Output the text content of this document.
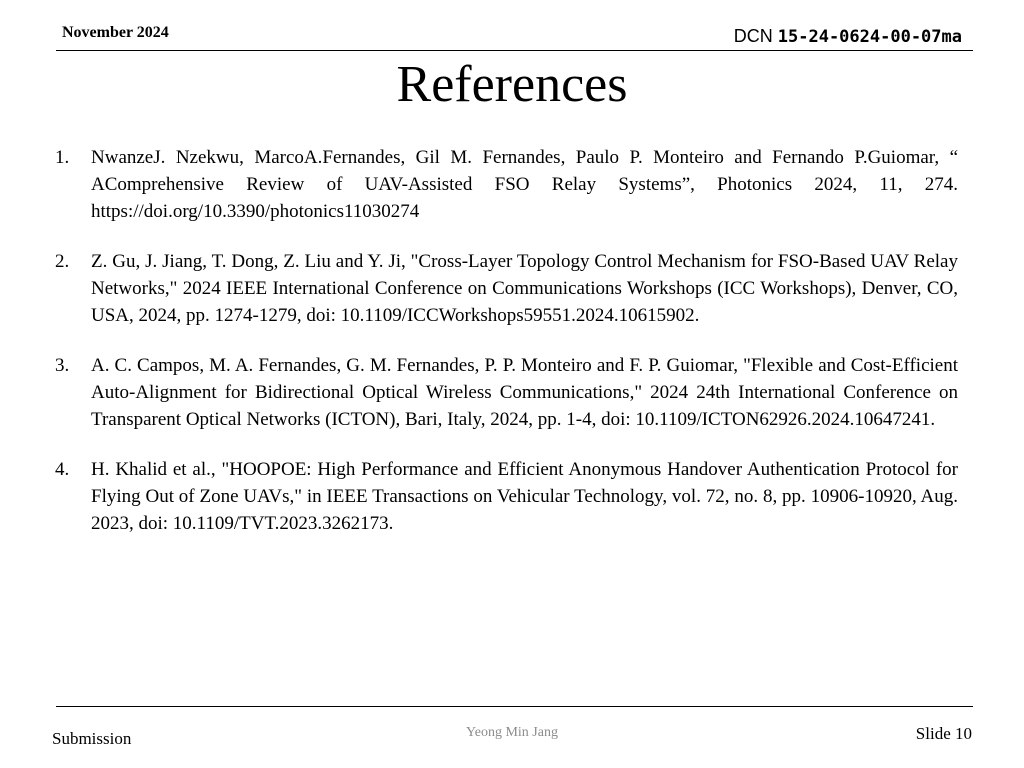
November 2024	DCN 15-24-0624-00-07ma
References
1. NwanzeJ. Nzekwu, MarcoA.Fernandes, Gil M. Fernandes, Paulo P. Monteiro and Fernando P.Guiomar, “ AComprehensive Review of UAV-Assisted FSO Relay Systems”, Photonics 2024, 11, 274. https://doi.org/10.3390/photonics11030274
2. Z. Gu, J. Jiang, T. Dong, Z. Liu and Y. Ji, "Cross-Layer Topology Control Mechanism for FSO-Based UAV Relay Networks," 2024 IEEE International Conference on Communications Workshops (ICC Workshops), Denver, CO, USA, 2024, pp. 1274-1279, doi: 10.1109/ICCWorkshops59551.2024.10615902.
3. A. C. Campos, M. A. Fernandes, G. M. Fernandes, P. P. Monteiro and F. P. Guiomar, "Flexible and Cost-Efficient Auto-Alignment for Bidirectional Optical Wireless Communications," 2024 24th International Conference on Transparent Optical Networks (ICTON), Bari, Italy, 2024, pp. 1-4, doi: 10.1109/ICTON62926.2024.10647241.
4. H. Khalid et al., "HOOPOE: High Performance and Efficient Anonymous Handover Authentication Protocol for Flying Out of Zone UAVs," in IEEE Transactions on Vehicular Technology, vol. 72, no. 8, pp. 10906-10920, Aug. 2023, doi: 10.1109/TVT.2023.3262173.
Submission	Yeong Min Jang	Slide 10
